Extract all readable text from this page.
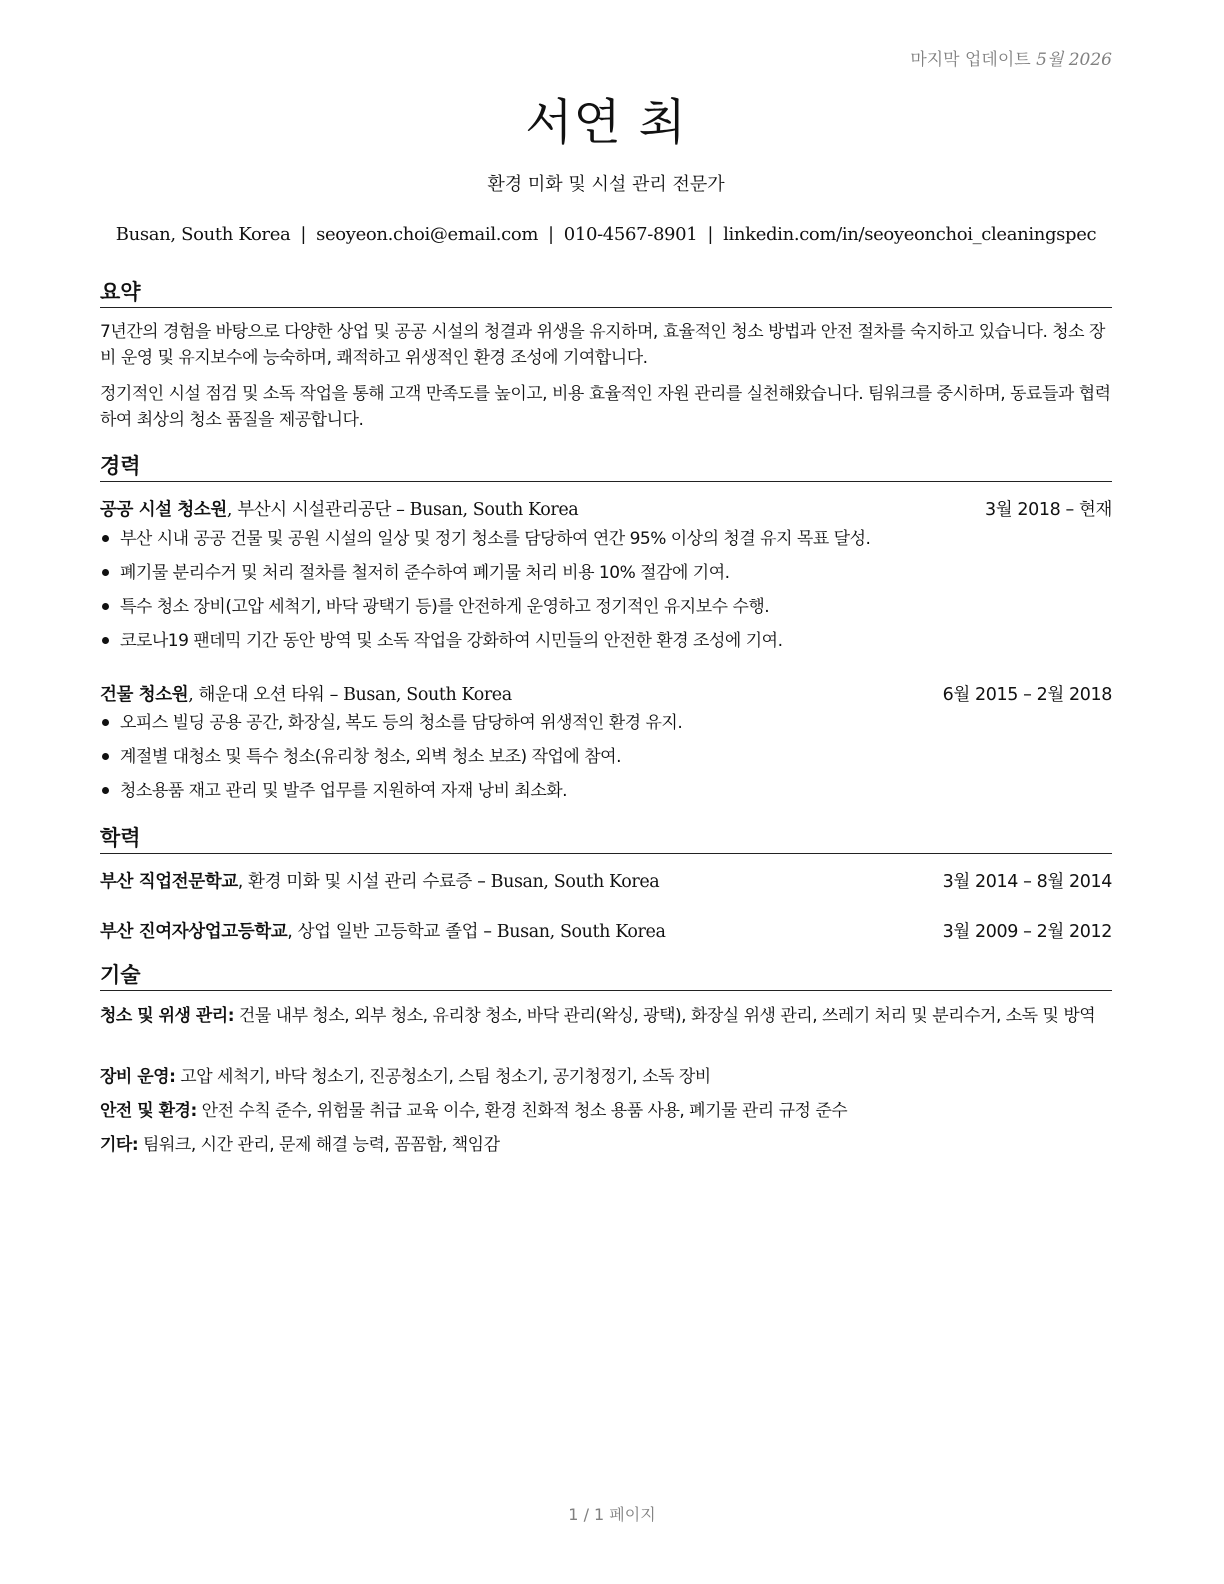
마지막 업데이트 5월 2026
서연 최
환경 미화 및 시설 관리 전문가
Busan, South Korea | seoyeon.choi@email.com | 010-4567-8901 | linkedin.com/in/seoyeonchoi_cleaningspec
요약
7년간의 경험을 바탕으로 다양한 상업 및 공공 시설의 청결과 위생을 유지하며, 효율적인 청소 방법과 안전 절차를 숙지하고 있습니다. 청소 장비 운영 및 유지보수에 능숙하며, 쾌적하고 위생적인 환경 조성에 기여합니다.
정기적인 시설 점검 및 소독 작업을 통해 고객 만족도를 높이고, 비용 효율적인 자원 관리를 실천해왔습니다. 팀워크를 중시하며, 동료들과 협력하여 최상의 청소 품질을 제공합니다.
경력
공공 시설 청소원, 부산시 시설관리공단 – Busan, South Korea	3월 2018 – 현재
부산 시내 공공 건물 및 공원 시설의 일상 및 정기 청소를 담당하여 연간 95% 이상의 청결 유지 목표 달성.
폐기물 분리수거 및 처리 절차를 철저히 준수하여 폐기물 처리 비용 10% 절감에 기여.
특수 청소 장비(고압 세척기, 바닥 광택기 등)를 안전하게 운영하고 정기적인 유지보수 수행.
코로나19 팬데믹 기간 동안 방역 및 소독 작업을 강화하여 시민들의 안전한 환경 조성에 기여.
건물 청소원, 해운대 오션 타워 – Busan, South Korea	6월 2015 – 2월 2018
오피스 빌딩 공용 공간, 화장실, 복도 등의 청소를 담당하여 위생적인 환경 유지.
계절별 대청소 및 특수 청소(유리창 청소, 외벽 청소 보조) 작업에 참여.
청소용품 재고 관리 및 발주 업무를 지원하여 자재 낭비 최소화.
학력
부산 직업전문학교, 환경 미화 및 시설 관리 수료증 – Busan, South Korea	3월 2014 – 8월 2014
부산 진여자상업고등학교, 상업 일반 고등학교 졸업 – Busan, South Korea	3월 2009 – 2월 2012
기술
청소 및 위생 관리: 건물 내부 청소, 외부 청소, 유리창 청소, 바닥 관리(왁싱, 광택), 화장실 위생 관리, 쓰레기 처리 및 분리수거, 소독 및 방역
장비 운영: 고압 세척기, 바닥 청소기, 진공청소기, 스팀 청소기, 공기청정기, 소독 장비
안전 및 환경: 안전 수칙 준수, 위험물 취급 교육 이수, 환경 친화적 청소 용품 사용, 폐기물 관리 규정 준수
기타: 팀워크, 시간 관리, 문제 해결 능력, 꼼꼼함, 책임감
1 / 1 페이지
